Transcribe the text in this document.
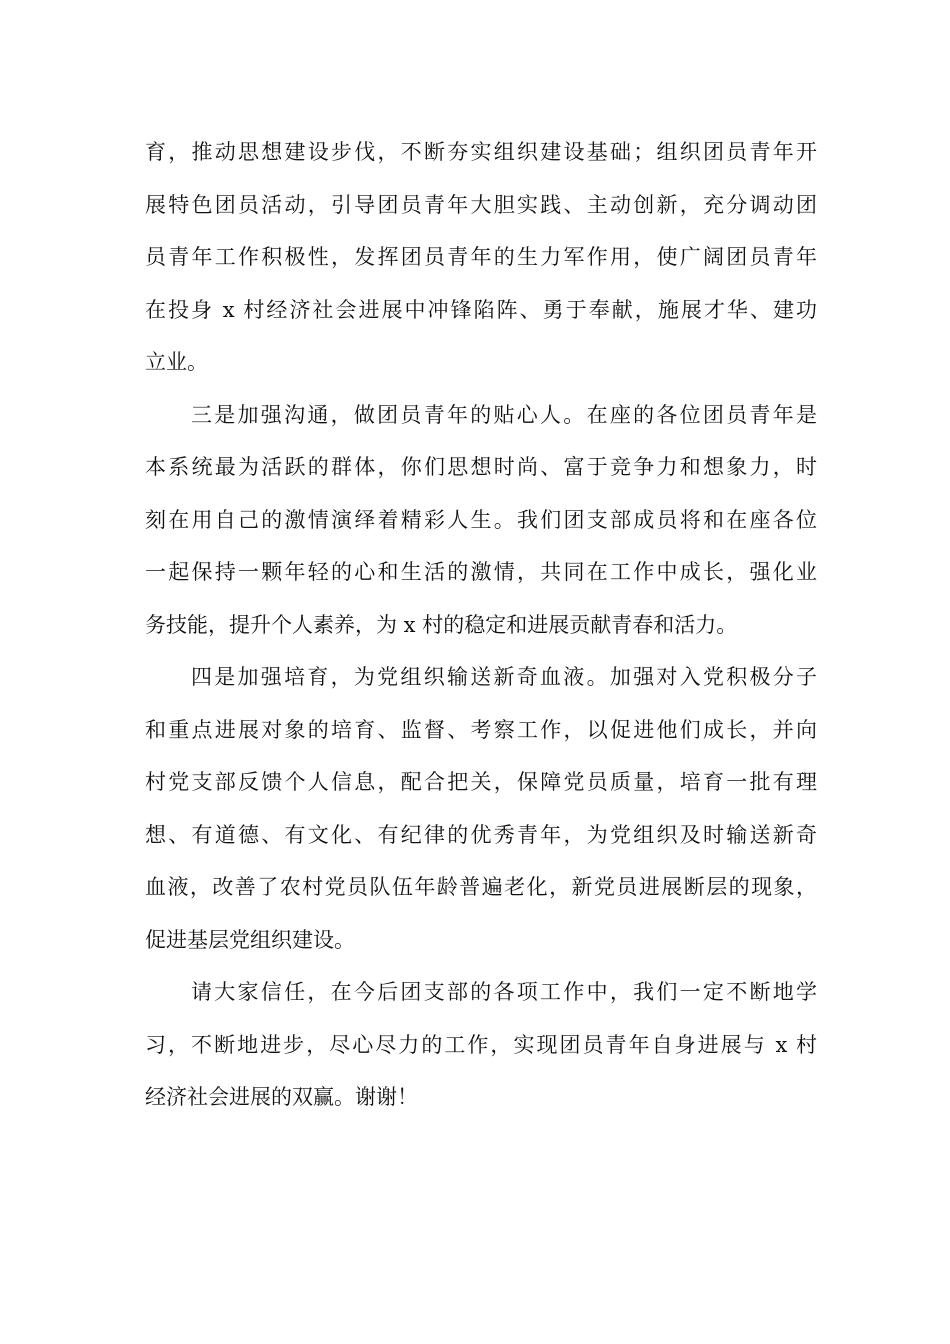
育，推动思想建设步伐，不断夯实组织建设基础；组织团员青年开
展特色团员活动，引导团员青年大胆实践、主动创新，充分调动团
员青年工作积极性，发挥团员青年的生力军作用，使广阔团员青年
在投身 x 村经济社会进展中冲锋陷阵、勇于奉献，施展才华、建功
立业。
三是加强沟通，做团员青年的贴心人。在座的各位团员青年是
本系统最为活跃的群体，你们思想时尚、富于竞争力和想象力，时
刻在用自己的激情演绎着精彩人生。我们团支部成员将和在座各位
一起保持一颗年轻的心和生活的激情，共同在工作中成长，强化业
务技能，提升个人素养，为 x 村的稳定和进展贡献青春和活力。
四是加强培育，为党组织输送新奇血液。加强对入党积极分子
和重点进展对象的培育、监督、考察工作，以促进他们成长，并向
村党支部反馈个人信息，配合把关，保障党员质量，培育一批有理
想、有道德、有文化、有纪律的优秀青年，为党组织及时输送新奇
血液，改善了农村党员队伍年龄普遍老化，新党员进展断层的现象，
促进基层党组织建设。
请大家信任，在今后团支部的各项工作中，我们一定不断地学
习，不断地进步，尽心尽力的工作，实现团员青年自身进展与 x 村
经济社会进展的双赢。谢谢！
